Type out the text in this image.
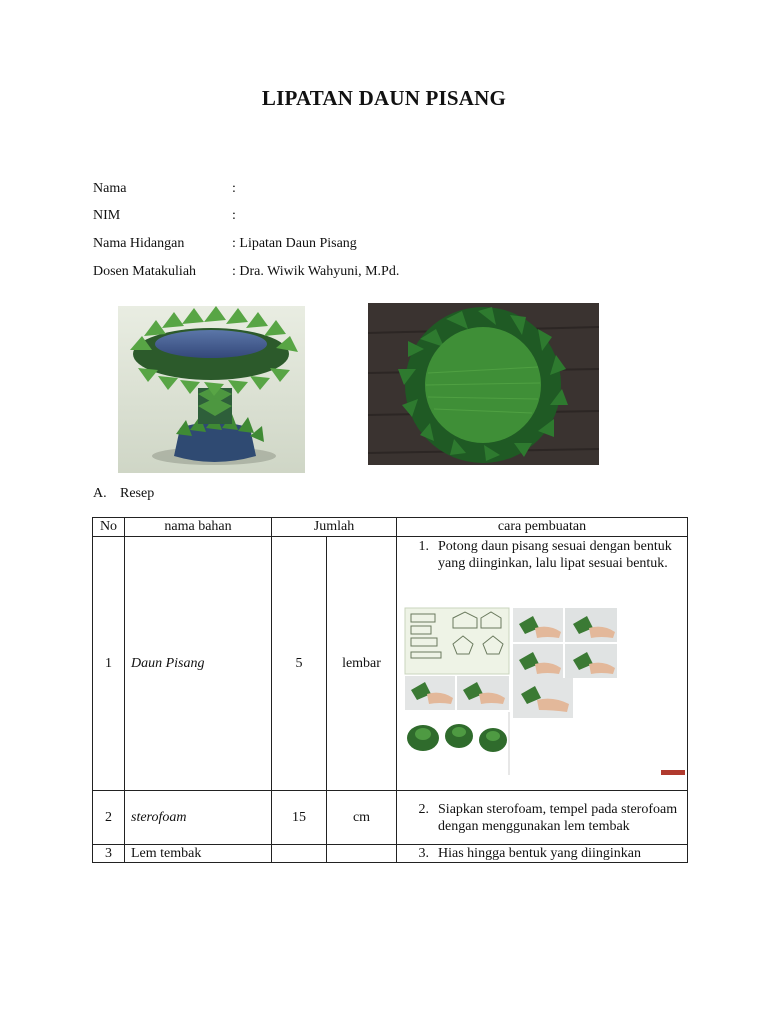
LIPATAN DAUN PISANG
Nama	:
NIM	:
Nama Hidangan	: Lipatan Daun Pisang
Dosen Matakuliah	: Dra. Wiwik Wahyuni, M.Pd.
A. Resep
No	nama bahan	Jumlah		cara pembuatan
1	Daun Pisang	5	lembar	1. Potong daun pisang sesuai dengan bentuk yang diinginkan, lalu lipat sesuai bentuk.

2	sterofoam	15	cm	2. Siapkan sterofoam, tempel pada sterofoam dengan menggunakan lem tembak

3	Lem tembak			3. Hias hingga bentuk yang diinginkan
